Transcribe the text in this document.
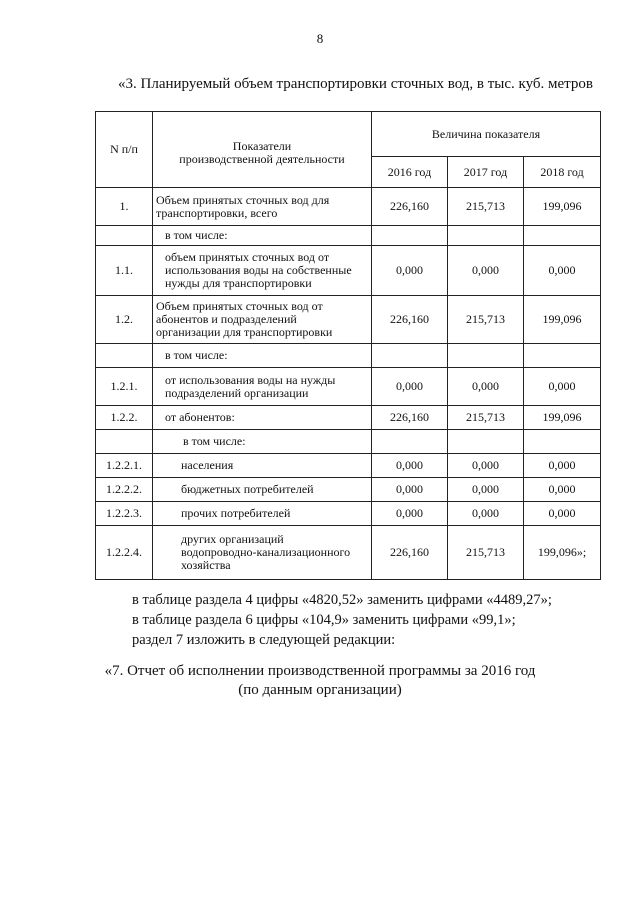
8
«3. Планируемый объем транспортировки сточных вод, в тыс. куб. метров
N п/п	Показатели
производственной деятельности	Величина показателя		
		2016 год	2017 год	2018 год
1.	Объем принятых сточных вод для
транспортировки, всего	226,160	215,713	199,096

	в том числе:			

1.1.	объем принятых сточных вод от
использования воды на собственные
нужды для транспортировки	0,000	0,000	0,000
1.2.	Объем принятых сточных вод от
абонентов и подразделений
организации для транспортировки	226,160	215,713	199,096

	в том числе:			

1.2.1.	от использования воды на нужды
подразделений организации	0,000	0,000	0,000
1.2.2.	от абонентов:	226,160	215,713	199,096

	в том числе:			

1.2.2.1.	населения	0,000	0,000	0,000
1.2.2.2.	бюджетных потребителей	0,000	0,000	0,000
1.2.2.3.	прочих потребителей	0,000	0,000	0,000
1.2.2.4.	других организаций
водопроводно-канализационного
хозяйства	226,160	215,713	199,096»;
в таблице раздела 4 цифры «4820,52» заменить цифрами «4489,27»;
в таблице раздела 6 цифры «104,9» заменить цифрами «99,1»;
раздел 7 изложить в следующей редакции:
«7. Отчет об исполнении производственной программы за 2016 год
(по данным организации)
